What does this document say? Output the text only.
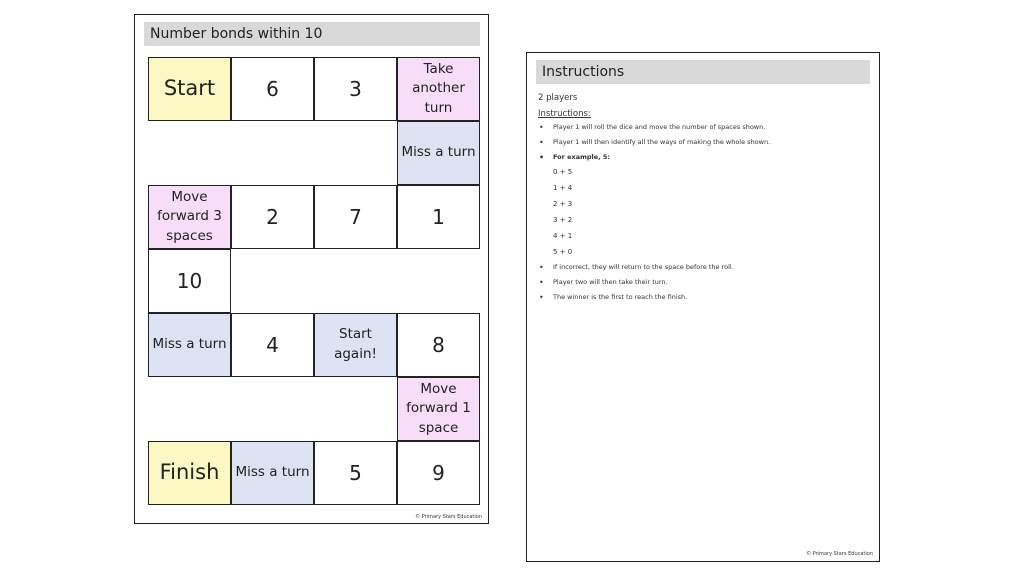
Number bonds within 10
Start	6	3
Take another turn
Miss a turn
Move forward 3 spaces
2	7	1
10
Miss a turn	4	Start again!	8
Move forward 1 space
Finish	Miss a turn	5	9
© Primary Stars Education
Instructions
2 players
Instructions:
• Player 1 will roll the dice and move the number of spaces shown.
• Player 1 will then identify all the ways of making the whole shown.
• For example, 5:
0 + 5
1 + 4
2 + 3
3 + 2
4 + 1
5 + 0
• If incorrect, they will return to the space before the roll.
• Player two will then take their turn.
• The winner is the first to reach the finish.
© Primary Stars Education
